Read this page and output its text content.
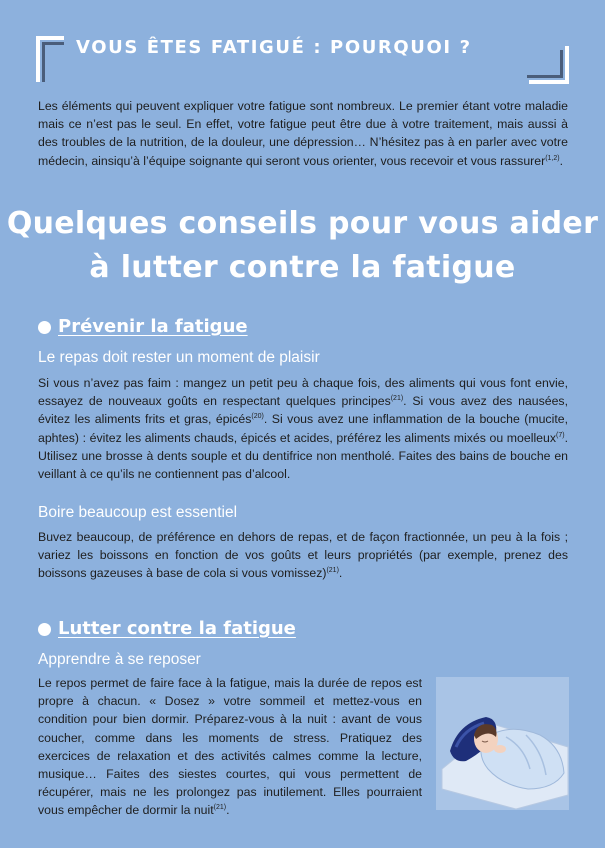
VOUS ÊTES FATIGUÉ : POURQUOI ?
Les éléments qui peuvent expliquer votre fatigue sont nombreux. Le premier étant votre maladie mais ce n’est pas le seul. En effet, votre fatigue peut être due à votre traitement, mais aussi à des troubles de la nutrition, de la douleur, une dépression… N’hésitez pas à en parler avec votre médecin, ainsiqu’à l’équipe soignante qui seront vous orienter, vous recevoir et vous rassurer$^{(1,2)}$.
Quelques conseils pour vous aider
à lutter contre la fatigue
Prévenir la fatigue
Le repas doit rester un moment de plaisir
Si vous n’avez pas faim : mangez un petit peu à chaque fois, des aliments qui vous font envie, essayez de nouveaux goûts en respectant quelques principes$^{(21)}$. Si vous avez des nausées, évitez les aliments frits et gras, épicés$^{(20)}$. Si vous avez une inflammation de la bouche (mucite, aphtes) : évitez les aliments chauds, épicés et acides, préférez les aliments mixés ou moelleux$^{(7)}$. Utilisez une brosse à dents souple et du dentifrice non mentholé. Faites des bains de bouche en veillant à ce qu’ils ne contiennent pas d’alcool.
Boire beaucoup est essentiel
Buvez beaucoup, de préférence en dehors de repas, et de façon fractionnée, un peu à la fois ; variez les boissons en fonction de vos goûts et leurs propriétés (par exemple, prenez des boissons gazeuses à base de cola si vous vomissez)$^{(21)}$.
Lutter contre la fatigue
Apprendre à se reposer
Le repos permet de faire face à la fatigue, mais la durée de repos est propre à chacun. « Dosez » votre sommeil et mettez-vous en condition pour bien dormir. Préparez-vous à la nuit : avant de vous coucher, comme dans les moments de stress. Pratiquez des exercices de relaxation et des activités calmes comme la lecture, musique… Faites des siestes courtes, qui vous permettent de récupérer, mais ne les prolongez pas inutilement. Elles pourraient vous empêcher de dormir la nuit$^{(21)}$.
